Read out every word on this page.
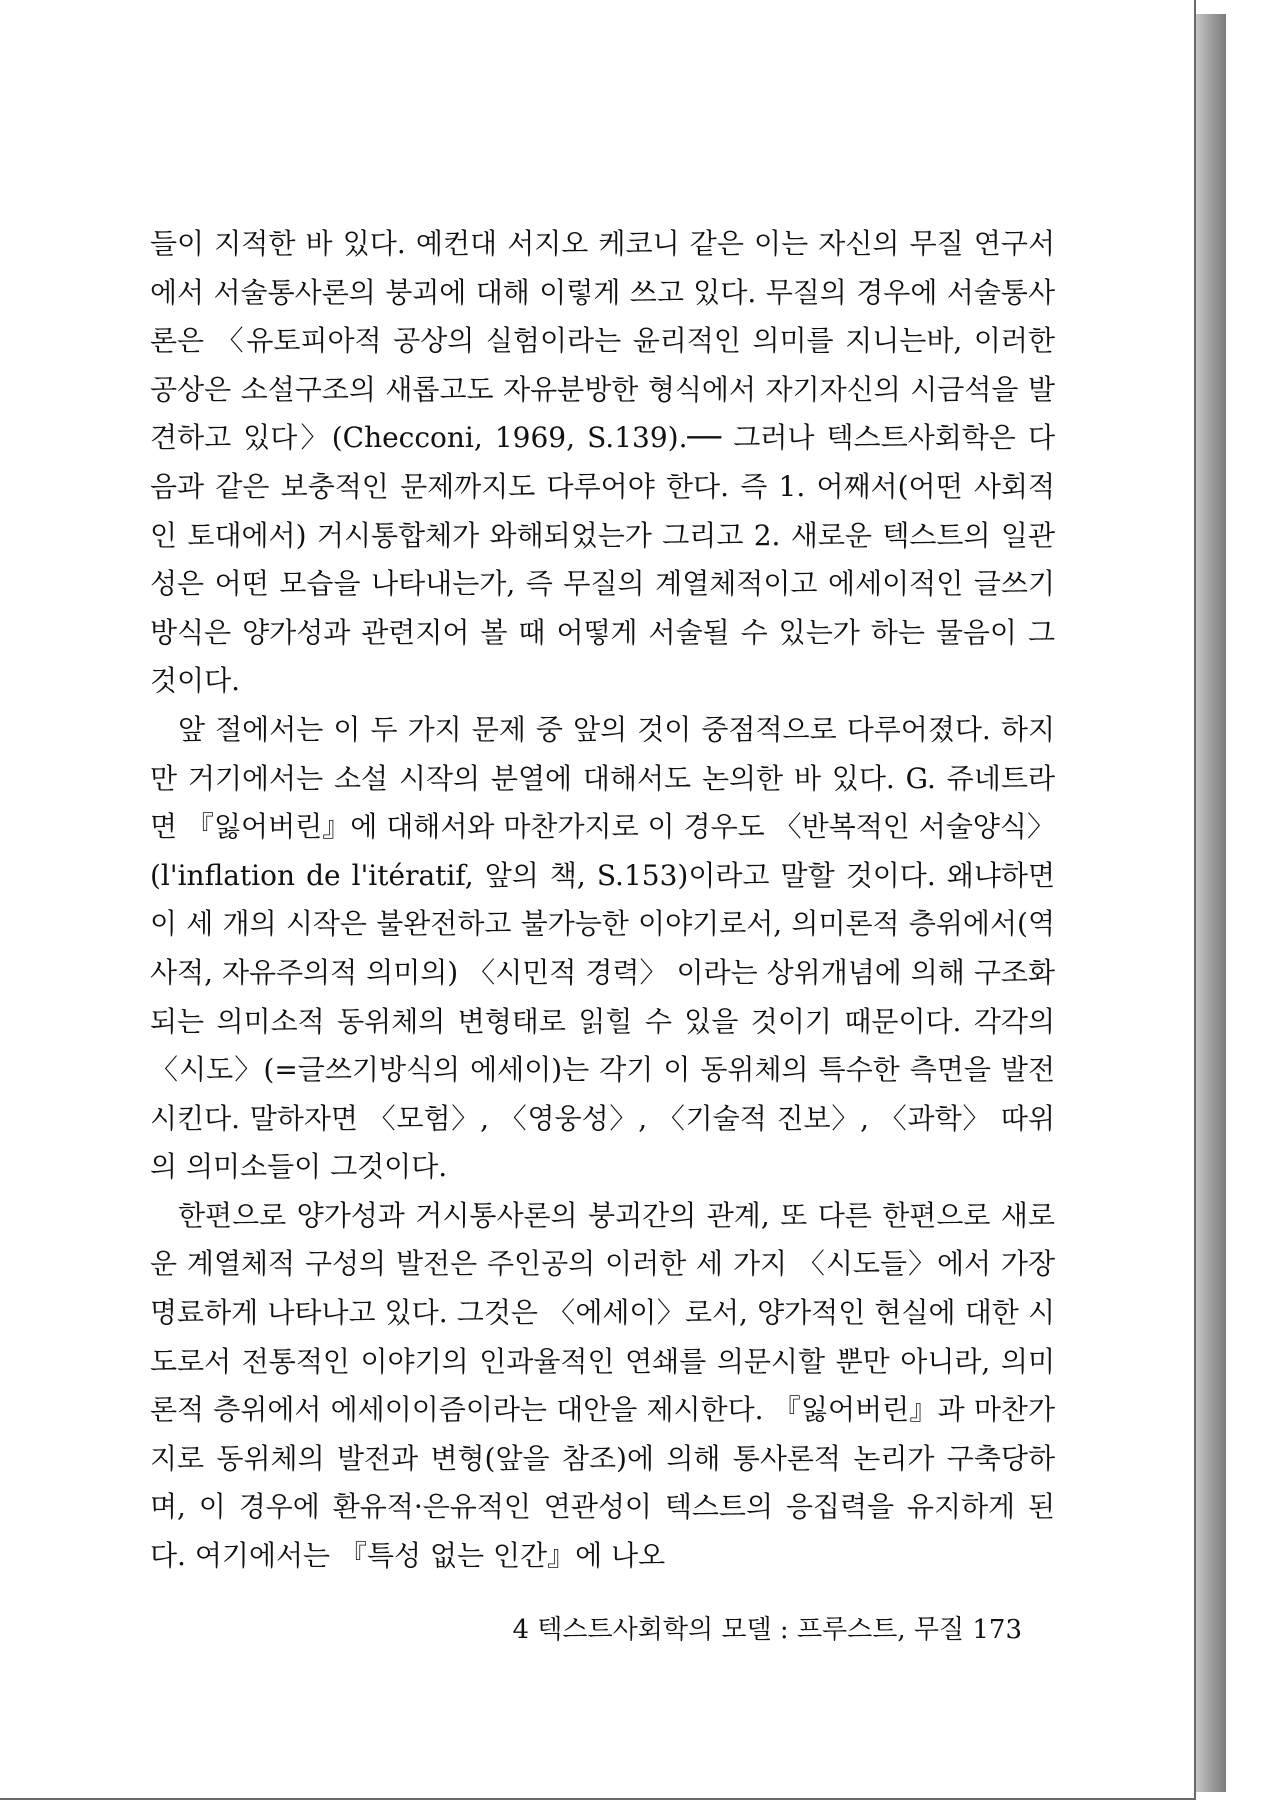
들이 지적한 바 있다. 예컨대 서지오 케코니 같은 이는 자신의 무질 연구서에서 서술통사론의 붕괴에 대해 이렇게 쓰고 있다. 무질의 경우에 서술통사론은 〈유토피아적 공상의 실험이라는 윤리적인 의미를 지니는바, 이러한 공상은 소설구조의 새롭고도 자유분방한 형식에서 자기자신의 시금석을 발견하고 있다〉(Checconi, 1969, S.139).── 그러나 텍스트사회학은 다음과 같은 보충적인 문제까지도 다루어야 한다. 즉 1. 어째서(어떤 사회적인 토대에서) 거시통합체가 와해되었는가 그리고 2. 새로운 텍스트의 일관성은 어떤 모습을 나타내는가, 즉 무질의 계열체적이고 에세이적인 글쓰기방식은 양가성과 관련지어 볼 때 어떻게 서술될 수 있는가 하는 물음이 그것이다.

앞 절에서는 이 두 가지 문제 중 앞의 것이 중점적으로 다루어졌다. 하지만 거기에서는 소설 시작의 분열에 대해서도 논의한 바 있다. G. 쥬네트라면 『잃어버린』에 대해서와 마찬가지로 이 경우도 〈반복적인 서술양식〉(l'inflation de l'itératif, 앞의 책, S.153)이라고 말할 것이다. 왜냐하면 이 세 개의 시작은 불완전하고 불가능한 이야기로서, 의미론적 층위에서(역사적, 자유주의적 의미의) 〈시민적 경력〉 이라는 상위개념에 의해 구조화되는 의미소적 동위체의 변형태로 읽힐 수 있을 것이기 때문이다. 각각의 〈시도〉(=글쓰기방식의 에세이)는 각기 이 동위체의 특수한 측면을 발전시킨다. 말하자면 〈모험〉, 〈영웅성〉, 〈기술적 진보〉, 〈과학〉 따위의 의미소들이 그것이다.

한편으로 양가성과 거시통사론의 붕괴간의 관계, 또 다른 한편으로 새로운 계열체적 구성의 발전은 주인공의 이러한 세 가지 〈시도들〉에서 가장 명료하게 나타나고 있다. 그것은 〈에세이〉로서, 양가적인 현실에 대한 시도로서 전통적인 이야기의 인과율적인 연쇄를 의문시할 뿐만 아니라, 의미론적 층위에서 에세이이즘이라는 대안을 제시한다. 『잃어버린』과 마찬가지로 동위체의 발전과 변형(앞을 참조)에 의해 통사론적 논리가 구축당하며, 이 경우에 환유적·은유적인 연관성이 텍스트의 응집력을 유지하게 된다. 여기에서는 『특성 없는 인간』에 나오

4 텍스트사회학의 모델 : 프루스트, 무질 173
